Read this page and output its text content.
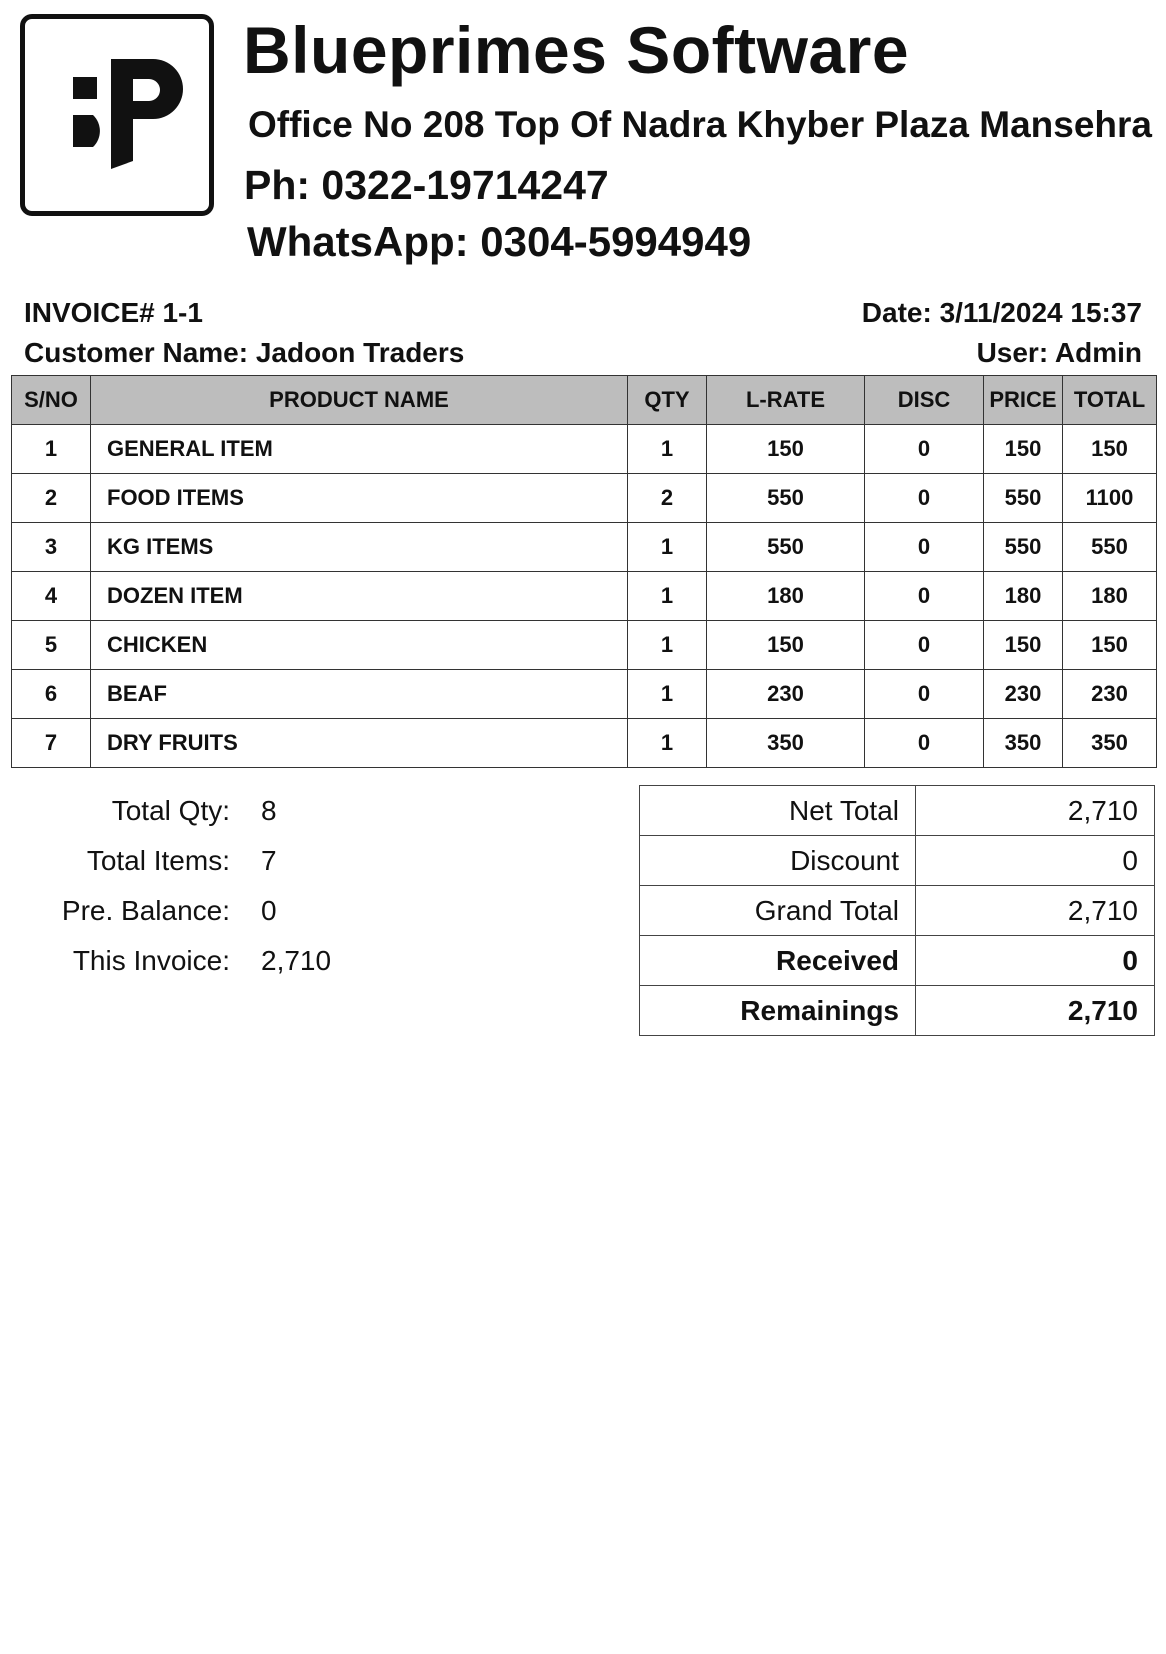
Blueprimes Software
Office No 208 Top Of Nadra Khyber Plaza Mansehra
Ph: 0322-19714247
WhatsApp: 0304-5994949
INVOICE# 1-1
Customer Name: Jadoon Traders
Date: 3/11/2024 15:37
User: Admin
S/NO	PRODUCT NAME	QTY	L-RATE	DISC	PRICE	TOTAL
1	GENERAL ITEM	1	150	0	150	150
2	FOOD ITEMS	2	550	0	550	1100
3	KG ITEMS	1	550	0	550	550
4	DOZEN ITEM	1	180	0	180	180
5	CHICKEN	1	150	0	150	150
6	BEAF	1	230	0	230	230
7	DRY FRUITS	1	350	0	350	350
Total Qty: 8
Total Items: 7
Pre. Balance: 0
This Invoice: 2,710
Net Total	2,710
Discount	0
Grand Total	2,710
Received	0
Remainings	2,710
